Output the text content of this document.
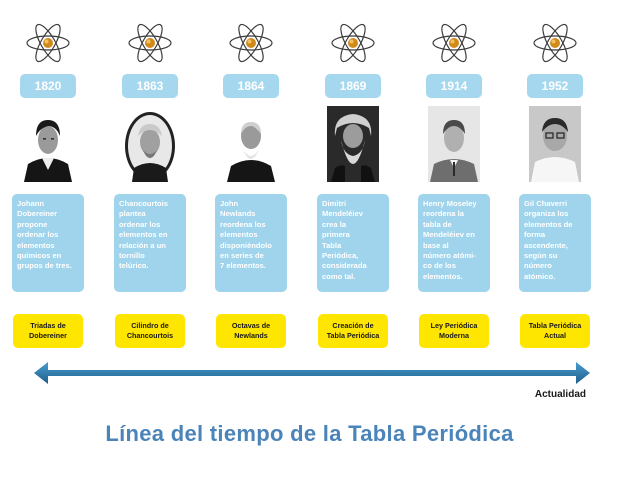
1820
Johann
Dobereiner
propone
ordenar los
elementos
químicos en
grupos de tres.
Triadas de
Dobereiner
1863
Chancourtois
plantea
ordenar los
elementos en
relación a un
tornillo
telúrico.
Cilindro de
Chancourtois
1864
John
Newlands
reordena los
elementos
disponiéndolo
en series de
7 elementos.
Octavas de
Newlands
1869
Dimitri
Mendeléiev
crea la
primera
Tabla
Periódica,
considerada
como tal.
Creación de
Tabla Periódica
1914
Henry Moseley
reordena la
tabla de
Mendeléiev en
base al
número atómi-
co de los
elementos.
Ley Periódica
Moderna
1952
Gil Chaverri
organiza los
elementos de
forma
ascendente,
según su
número
atómico.
Tabla Periódica
Actual
Actualidad
Línea del tiempo de la Tabla Periódica
